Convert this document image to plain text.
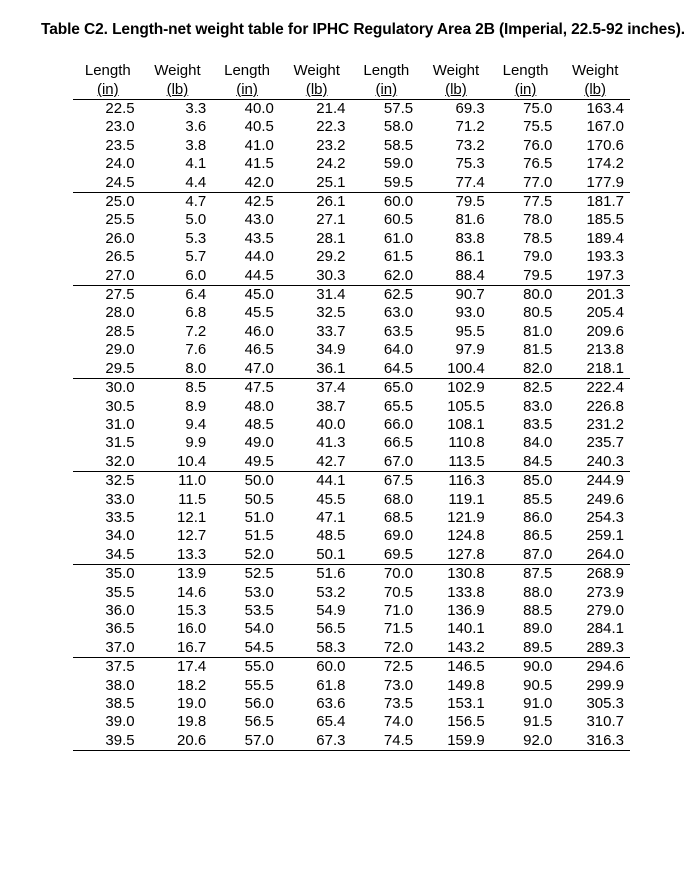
Table C2. Length-net weight table for IPHC Regulatory Area 2B (Imperial, 22.5-92 inches).
Length	Weight	Length	Weight	Length	Weight	Length	Weight
(in)	(lb)	(in)	(lb)	(in)	(lb)	(in)	(lb)
22.5	3.3	40.0	21.4	57.5	69.3	75.0	163.4
23.0	3.6	40.5	22.3	58.0	71.2	75.5	167.0
23.5	3.8	41.0	23.2	58.5	73.2	76.0	170.6
24.0	4.1	41.5	24.2	59.0	75.3	76.5	174.2
24.5	4.4	42.0	25.1	59.5	77.4	77.0	177.9
25.0	4.7	42.5	26.1	60.0	79.5	77.5	181.7
25.5	5.0	43.0	27.1	60.5	81.6	78.0	185.5
26.0	5.3	43.5	28.1	61.0	83.8	78.5	189.4
26.5	5.7	44.0	29.2	61.5	86.1	79.0	193.3
27.0	6.0	44.5	30.3	62.0	88.4	79.5	197.3
27.5	6.4	45.0	31.4	62.5	90.7	80.0	201.3
28.0	6.8	45.5	32.5	63.0	93.0	80.5	205.4
28.5	7.2	46.0	33.7	63.5	95.5	81.0	209.6
29.0	7.6	46.5	34.9	64.0	97.9	81.5	213.8
29.5	8.0	47.0	36.1	64.5	100.4	82.0	218.1
30.0	8.5	47.5	37.4	65.0	102.9	82.5	222.4
30.5	8.9	48.0	38.7	65.5	105.5	83.0	226.8
31.0	9.4	48.5	40.0	66.0	108.1	83.5	231.2
31.5	9.9	49.0	41.3	66.5	110.8	84.0	235.7
32.0	10.4	49.5	42.7	67.0	113.5	84.5	240.3
32.5	11.0	50.0	44.1	67.5	116.3	85.0	244.9
33.0	11.5	50.5	45.5	68.0	119.1	85.5	249.6
33.5	12.1	51.0	47.1	68.5	121.9	86.0	254.3
34.0	12.7	51.5	48.5	69.0	124.8	86.5	259.1
34.5	13.3	52.0	50.1	69.5	127.8	87.0	264.0
35.0	13.9	52.5	51.6	70.0	130.8	87.5	268.9
35.5	14.6	53.0	53.2	70.5	133.8	88.0	273.9
36.0	15.3	53.5	54.9	71.0	136.9	88.5	279.0
36.5	16.0	54.0	56.5	71.5	140.1	89.0	284.1
37.0	16.7	54.5	58.3	72.0	143.2	89.5	289.3
37.5	17.4	55.0	60.0	72.5	146.5	90.0	294.6
38.0	18.2	55.5	61.8	73.0	149.8	90.5	299.9
38.5	19.0	56.0	63.6	73.5	153.1	91.0	305.3
39.0	19.8	56.5	65.4	74.0	156.5	91.5	310.7
39.5	20.6	57.0	67.3	74.5	159.9	92.0	316.3
